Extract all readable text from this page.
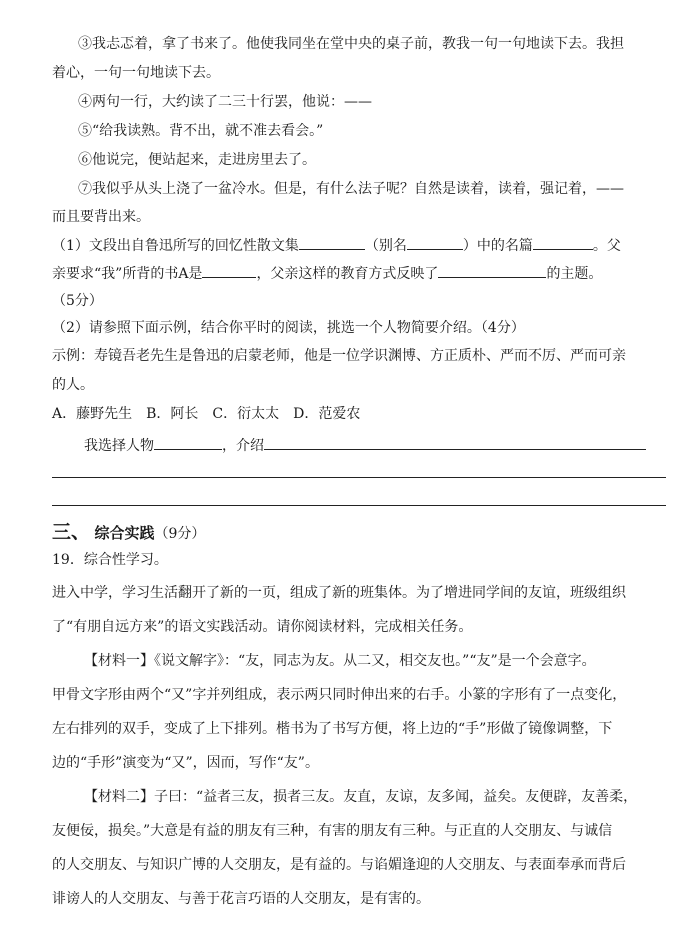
③我忐忑着，拿了书来了。他使我同坐在堂中央的桌子前，教我一句一句地读下去。我担
着心，一句一句地读下去。
④两句一行，大约读了二三十行罢，他说：——
⑤“给我读熟。背不出，就不准去看会。”
⑥他说完，便站起来，走进房里去了。
⑦我似乎从头上浇了一盆冷水。但是，有什么法子呢？自然是读着，读着，强记着，——
而且要背出来。
（1）文段出自鲁迅所写的回忆性散文集	（别名	）中的名篇	。父
亲要求“我”所背的书A是	，父亲这样的教育方式反映了	的主题。
（5分）
（2）请参照下面示例，结合你平时的阅读，挑选一个人物简要介绍。（4分）
示例：寿镜吾老先生是鲁迅的启蒙老师，他是一位学识渊博、方正质朴、严而不厉、严而可亲
的人。
A．藤野先生　B．阿长　C．衍太太　D．范爱农
我选择人物	，介绍
三、 综合实践（9分）
19．综合性学习。
进入中学，学习生活翻开了新的一页，组成了新的班集体。为了增进同学间的友谊，班级组织
了“有朋自远方来”的语文实践活动。请你阅读材料，完成相关任务。
【材料一】《说文解字》：“友，同志为友。从二又，相交友也。”“友”是一个会意字。
甲骨文字形由两个“又”字并列组成，表示两只同时伸出来的右手。小篆的字形有了一点变化，
左右排列的双手，变成了上下排列。楷书为了书写方便，将上边的“手”形做了镜像调整，下
边的“手形”演变为“又”，因而，写作“友”。
【材料二】子曰：“益者三友，损者三友。友直，友谅，友多闻，益矣。友便辟，友善柔，
友便佞，损矣。”大意是有益的朋友有三种，有害的朋友有三种。与正直的人交朋友、与诚信
的人交朋友、与知识广博的人交朋友，是有益的。与谄媚逢迎的人交朋友、与表面奉承而背后
诽谤人的人交朋友、与善于花言巧语的人交朋友，是有害的。
